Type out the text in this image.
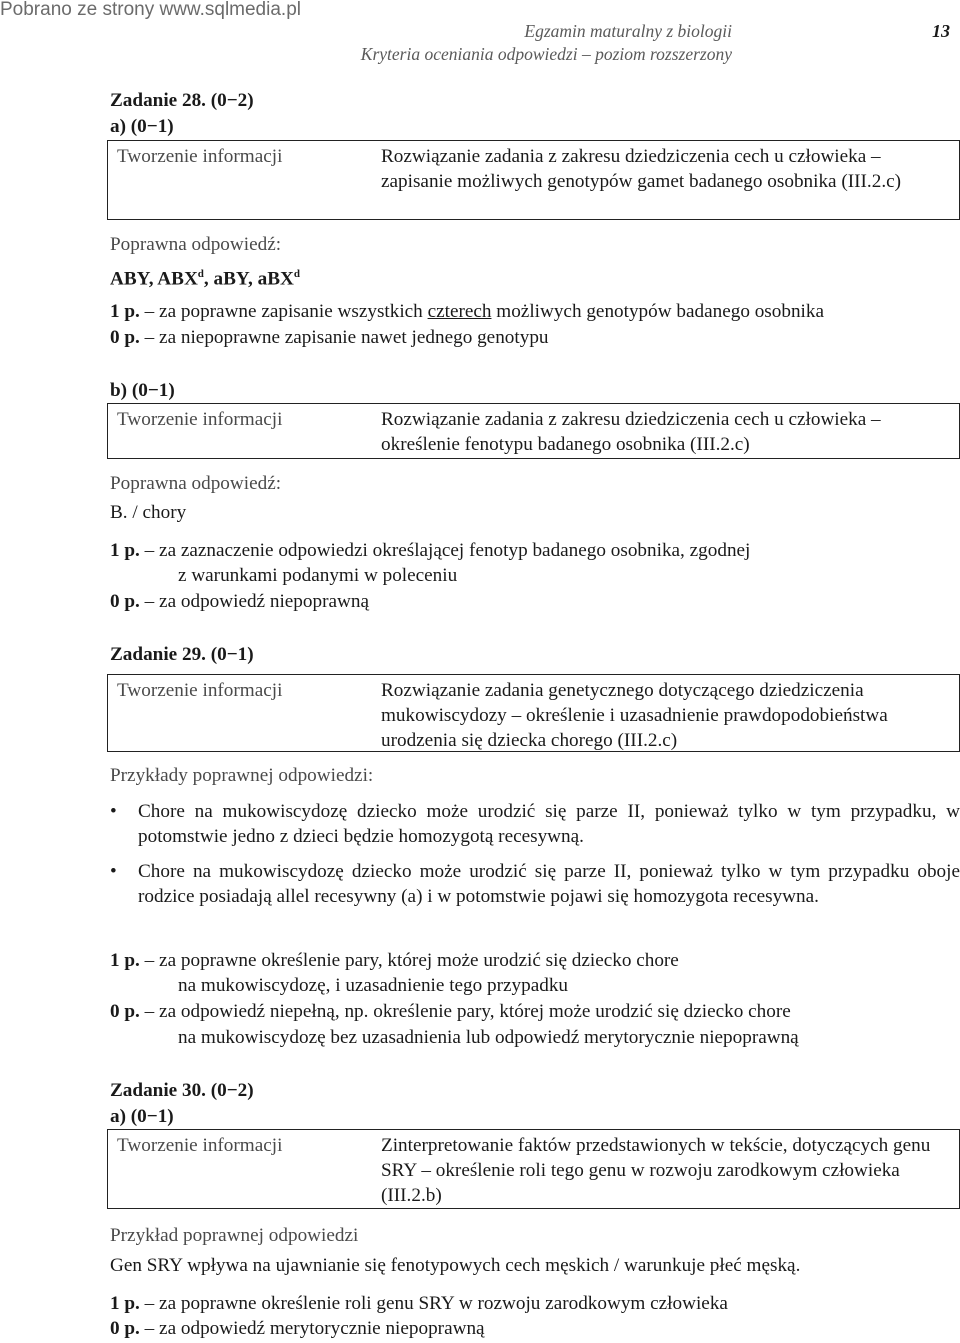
Pobrano ze strony www.sqlmedia.pl
Egzamin maturalny z biologii
Kryteria oceniania odpowiedzi – poziom rozszerzony
13
Zadanie 28. (0−2)
a) (0−1)
Tworzenie informacji	Rozwiązanie zadania z zakresu dziedziczenia cech u człowieka – zapisanie możliwych genotypów gamet badanego osobnika (III.2.c)
Poprawna odpowiedź:
ABY, ABX$^d$, aBY, aBX$^d$
1 p. – za poprawne zapisanie wszystkich czterech możliwych genotypów badanego osobnika
0 p. – za niepoprawne zapisanie nawet jednego genotypu
b) (0−1)
Tworzenie informacji	Rozwiązanie zadania z zakresu dziedziczenia cech u człowieka – określenie fenotypu badanego osobnika (III.2.c)
Poprawna odpowiedź:
B. / chory
1 p. – za zaznaczenie odpowiedzi określającej fenotyp badanego osobnika, zgodnej
z warunkami podanymi w poleceniu
0 p. – za odpowiedź niepoprawną
Zadanie 29. (0−1)
Tworzenie informacji	Rozwiązanie zadania genetycznego dotyczącego dziedziczenia mukowiscydozy – określenie i uzasadnienie prawdopodobieństwa urodzenia się dziecka chorego (III.2.c)
Przykłady poprawnej odpowiedzi:
• Chore na mukowiscydozę dziecko może urodzić się parze II, ponieważ tylko w tym przypadku, w potomstwie jedno z dzieci będzie homozygotą recesywną.
• Chore na mukowiscydozę dziecko może urodzić się parze II, ponieważ tylko w tym przypadku oboje rodzice posiadają allel recesywny (a) i w potomstwie pojawi się homozygota recesywna.
1 p. – za poprawne określenie pary, której może urodzić się dziecko chore
na mukowiscydozę, i uzasadnienie tego przypadku
0 p. – za odpowiedź niepełną, np. określenie pary, której może urodzić się dziecko chore
na mukowiscydozę bez uzasadnienia lub odpowiedź merytorycznie niepoprawną
Zadanie 30. (0−2)
a) (0−1)
Tworzenie informacji	Zinterpretowanie faktów przedstawionych w tekście, dotyczących genu SRY – określenie roli tego genu w rozwoju zarodkowym człowieka (III.2.b)
Przykład poprawnej odpowiedzi
Gen SRY wpływa na ujawnianie się fenotypowych cech męskich / warunkuje płeć męską.
1 p. – za poprawne określenie roli genu SRY w rozwoju zarodkowym człowieka
0 p. – za odpowiedź merytorycznie niepoprawną
